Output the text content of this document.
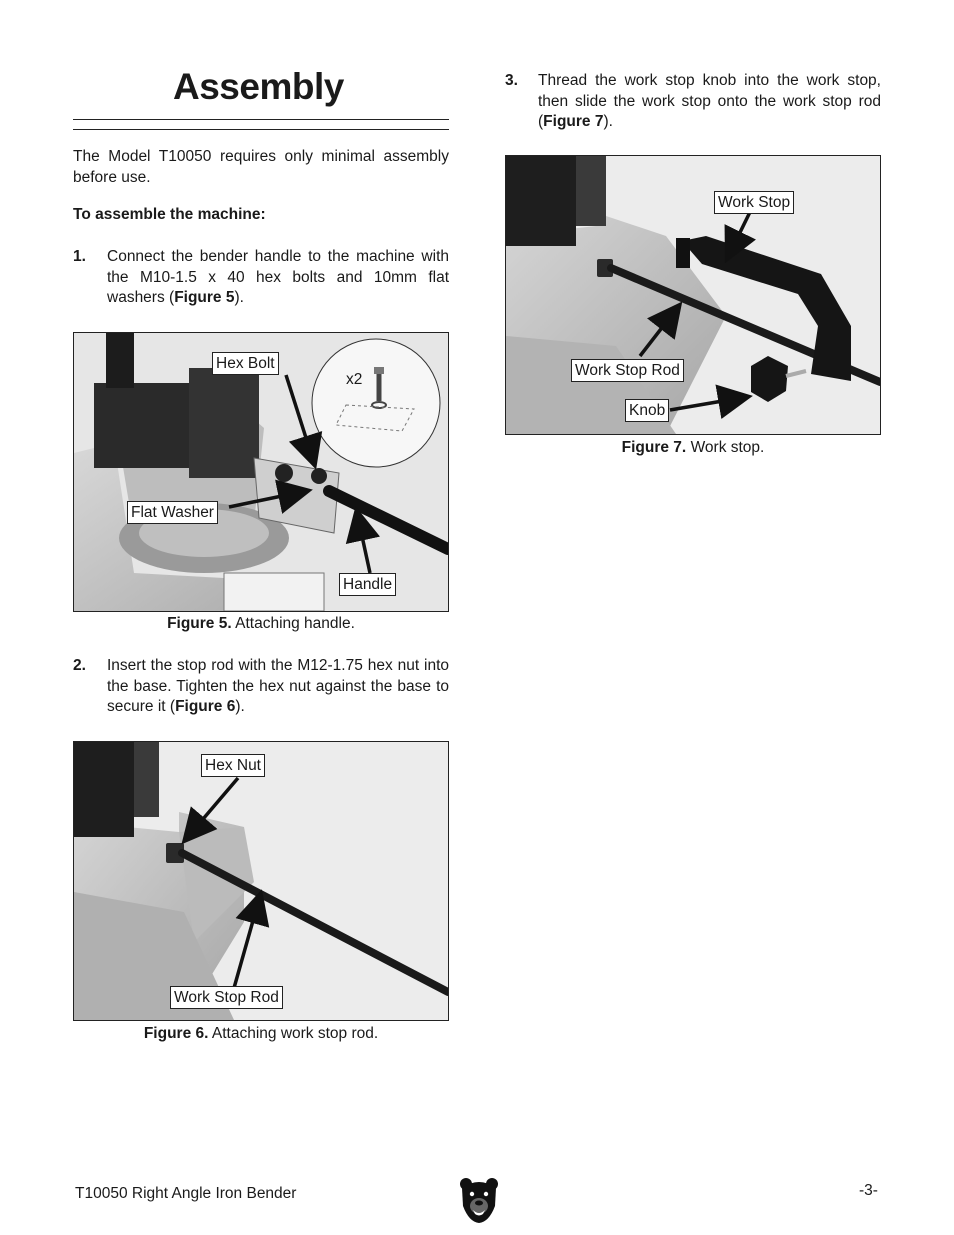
Assembly
The Model T10050 requires only minimal assembly before use.
To assemble the machine:
1. Connect the bender handle to the machine with the M10-1.5 x 40 hex bolts and 10mm flat washers (Figure 5).
Hex Bolt
Flat Washer
Handle
x2
Figure 5. Attaching handle.
2. Insert the stop rod with the M12-1.75 hex nut into the base. Tighten the hex nut against the base to secure it (Figure 6).
Hex Nut
Work Stop Rod
Figure 6. Attaching work stop rod.
3. Thread the work stop knob into the work stop, then slide the work stop onto the work stop rod (Figure 7).
Work Stop
Work Stop Rod
Knob
Figure 7. Work stop.
T10050 Right Angle Iron Bender	-3-
